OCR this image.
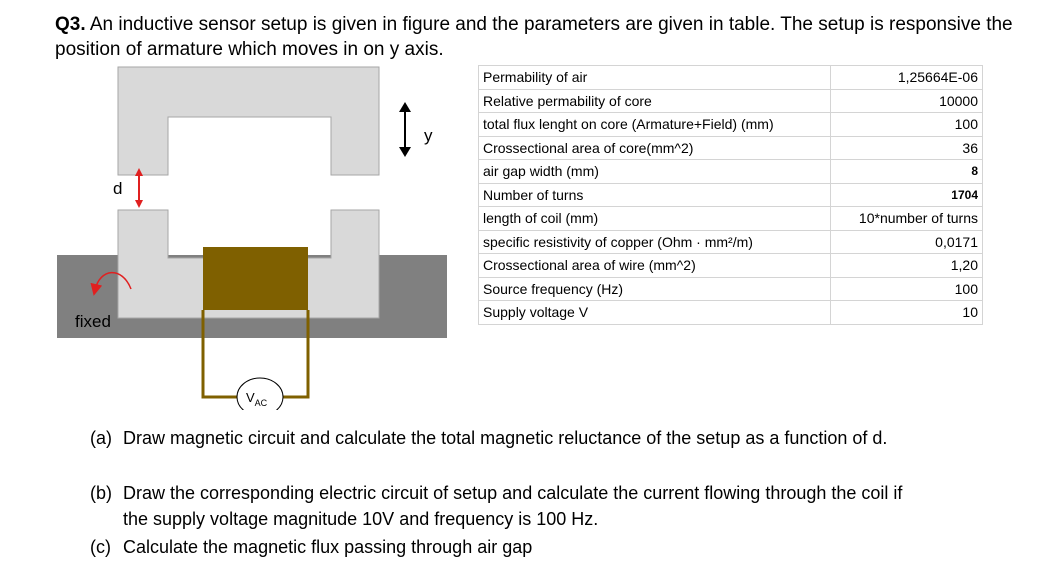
Q3. An inductive sensor setup is given in figure and the parameters are given in table. The setup is responsive the position of armature which moves in on y axis.
$V_{AC}$
y
d
fixed
Permability of air	1,25664E-06
Relative permability of core	10000
total flux lenght on core (Armature+Field) (mm)	100
Crossectional area of core(mm^2)	36
air gap width (mm)	8
Number of turns	1704
length of coil (mm)	10*number of turns
specific resistivity of copper (Ohm · mm²/m)	0,0171
Crossectional area of wire (mm^2)	1,20
Source frequency (Hz)	100
Supply voltage V	10
(a) Draw magnetic circuit and calculate the total magnetic reluctance of the setup as a function of d.
(b) Draw the corresponding electric circuit of setup and calculate the current flowing through the coil if
the supply voltage magnitude 10V and frequency is 100 Hz.
(c) Calculate the magnetic flux passing through air gap
